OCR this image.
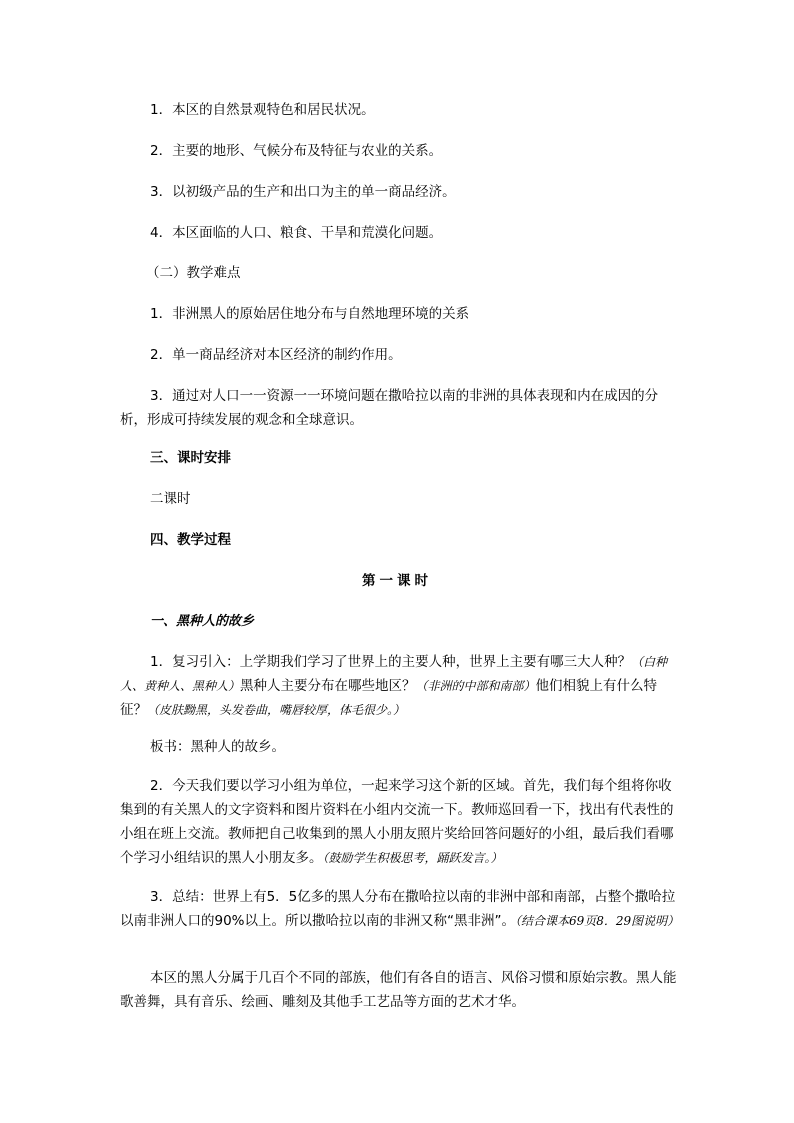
1．本区的自然景观特色和居民状况。

2．主要的地形、气候分布及特征与农业的关系。

3．以初级产品的生产和出口为主的单一商品经济。

4．本区面临的人口、粮食、干旱和荒漠化问题。

（二）教学难点

1．非洲黑人的原始居住地分布与自然地理环境的关系

2．单一商品经济对本区经济的制约作用。

3．通过对人口一一资源一一环境问题在撒哈拉以南的非洲的具体表现和内在成因的分析，形成可持续发展的观念和全球意识。

三、课时安排

二课时

四、教学过程

第一课时

一、黑种人的故乡

1．复习引入：上学期我们学习了世界上的主要人种，世界上主要有哪三大人种？（白种人、黄种人、黑种人）黑种人主要分布在哪些地区？（非洲的中部和南部）他们相貌上有什么特征？（皮肤黝黑，头发卷曲，嘴唇较厚，体毛很少。）

板书：黑种人的故乡。

2．今天我们要以学习小组为单位，一起来学习这个新的区域。首先，我们每个组将你收集到的有关黑人的文字资料和图片资料在小组内交流一下。教师巡回看一下，找出有代表性的小组在班上交流。教师把自己收集到的黑人小朋友照片奖给回答问题好的小组，最后我们看哪个学习小组结识的黑人小朋友多。（鼓励学生积极思考，踊跃发言。）

3．总结：世界上有5．5亿多的黑人分布在撒哈拉以南的非洲中部和南部，占整个撒哈拉以南非洲人口的90%以上。所以撒哈拉以南的非洲又称“黑非洲”。（结合课本69页8．29图说明）

本区的黑人分属于几百个不同的部族，他们有各自的语言、风俗习惯和原始宗教。黑人能歌善舞，具有音乐、绘画、雕刻及其他手工艺品等方面的艺术才华。
